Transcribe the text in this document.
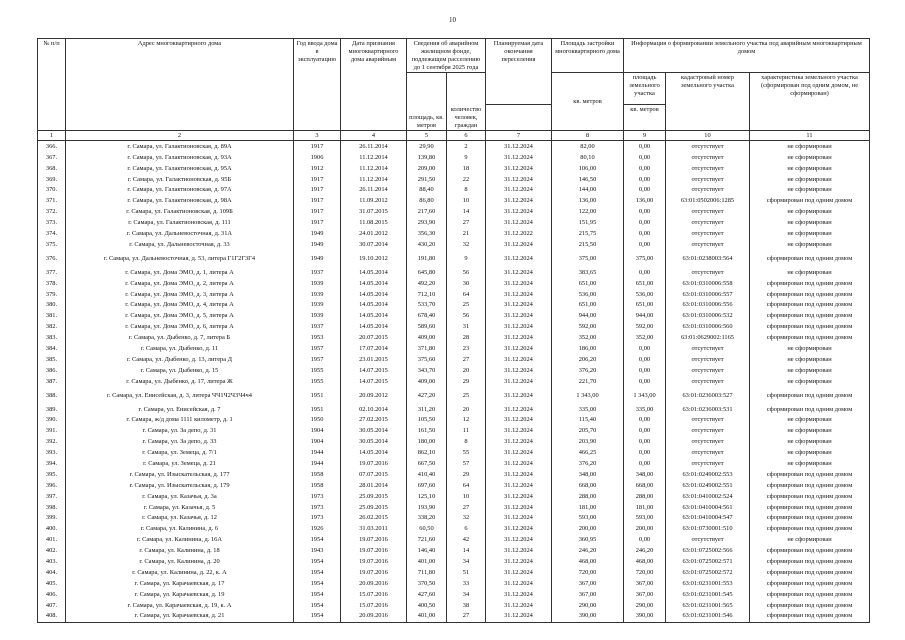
10
№ п/п	Адрес многоквартирного дома	Год ввода дома в эксплуатацию	Дата признания многоквартирного дома аварийным	Сведения об аварийном жилищном фонде, подлежащем расселению до 1 сентября 2025 года		Планируемая дата окончания переселения	Площадь застройки многоквартирного дома	Информация о формировании земельного участка под аварийным многоквартирным домом		
				площадь, кв. метров	количество человек, граждан		кв. метров	площадь земельного участка	кадастровый номер земельного участка	характеристика земельного участка (сформирован под одним домом, не сформирован)
								кв. метров		
1	2	3	4	5	6	7	8	9	10	11
366.	г. Самара, ул. Галактионовская, д. 89А	1917	26.11.2014	29,90	2	31.12.2024	82,00	0,00	отсутствует	не сформирован
367.	г. Самара, ул. Галактионовская, д. 93А	1906	11.12.2014	139,80	9	31.12.2024	80,10	0,00	отсутствует	не сформирован
368.	г. Самара, ул. Галактионовская, д. 95А	1912	11.12.2014	209,00	18	31.12.2024	106,00	0,00	отсутствует	не сформирован
369.	г. Самара, ул. Галактионовская, д. 95Б	1917	11.12.2014	291,50	22	31.12.2024	146,50	0,00	отсутствует	не сформирован
370.	г. Самара, ул. Галактионовская, д. 97А	1917	26.11.2014	88,40	8	31.12.2024	144,00	0,00	отсутствует	не сформирован
371.	г. Самара, ул. Галактионовская, д. 98А	1917	11.09.2012	86,80	10	31.12.2024	136,00	136,00	63:01:0502006:1285	сформирован под одним домом
372.	г. Самара, ул. Галактионовская, д. 109Б	1917	31.07.2015	217,60	14	31.12.2024	122,00	0,00	отсутствует	не сформирован
373.	г. Самара, ул. Галактионовская, д. 111	1917	11.08.2015	293,90	27	31.12.2024	151,95	0,00	отсутствует	не сформирован
374.	г. Самара, ул. Дальневосточная, д. 31А	1949	24.01.2012	356,30	21	31.12.2022	215,75	0,00	отсутствует	не сформирован
375.	г. Самара, ул. Дальневосточная, д. 33	1949	30.07.2014	430,20	32	31.12.2024	215,50	0,00	отсутствует	не сформирован
376.	г. Самара, ул. Дальневосточная, д. 53, литера Г1Г2Г3Г4	1949	19.10.2012	191,80	9	31.12.2024	375,00	375,00	63:01:0238003:564	сформирован под одним домом
377.	г. Самара, ул. Дома ЭМО, д. 1, литера А	1937	14.05.2014	645,80	56	31.12.2024	383,65	0,00	отсутствует	не сформирован
378.	г. Самара, ул. Дома ЭМО, д. 2, литера А	1939	14.05.2014	492,20	30	31.12.2024	651,00	651,00	63:01:0310006:558	сформирован под одним домом
379.	г. Самара, ул. Дома ЭМО, д. 3, литера А	1939	14.05.2014	712,10	64	31.12.2024	536,00	536,00	63:01:0310006:557	сформирован под одним домом
380.	г. Самара, ул. Дома ЭМО, д. 4, литера А	1939	14.05.2014	533,70	25	31.12.2024	651,00	651,00	63:01:0310006:556	сформирован под одним домом
381.	г. Самара, ул. Дома ЭМО, д. 5, литера А	1939	14.05.2014	678,40	56	31.12.2024	944,00	944,00	63:01:0310006:532	сформирован под одним домом
382.	г. Самара, ул. Дома ЭМО, д. 6, литера А	1937	14.05.2014	589,60	31	31.12.2024	592,00	592,00	63:01:0310006:560	сформирован под одним домом
383.	г. Самара, ул. Дыбенко, д. 7, литера Б	1953	20.07.2015	409,00	28	31.12.2024	352,00	352,00	63:01:0629002:1165	сформирован под одним домом
384.	г. Самара, ул. Дыбенко, д. 11	1957	17.07.2014	371,80	23	31.12.2024	186,00	0,00	отсутствует	не сформирован
385.	г. Самара, ул. Дыбенко, д. 13, литера Д	1957	23.01.2015	375,60	27	31.12.2024	206,20	0,00	отсутствует	не сформирован
386.	г. Самара, ул. Дыбенко, д. 15	1955	14.07.2015	343,70	20	31.12.2024	376,20	0,00	отсутствует	не сформирован
387.	г. Самара, ул. Дыбенко, д. 17, литера Ж	1955	14.07.2015	409,00	29	31.12.2024	221,70	0,00	отсутствует	не сформирован
388.	г. Самара, ул. Енисейская, д. 3, литера ЧЧ1Ч2Ч3Ч4ч4	1951	20.09.2012	427,20	25	31.12.2024	1 343,00	1 343,00	63:01:0236003:527	сформирован под одним домом
389.	г. Самара, ул. Енисейская, д. 7	1951	02.10.2014	311,20	20	31.12.2024	335,00	335,00	63:01:0236003:531	сформирован под одним домом
390.	г. Самара, ж/д дома 1111 километр, д. 1	1950	27.02.2015	105,50	12	31.12.2024	115,40	0,00	отсутствует	не сформирован
391.	г. Самара, ул. За депо, д. 31	1904	30.05.2014	161,50	11	31.12.2024	205,70	0,00	отсутствует	не сформирован
392.	г. Самара, ул. За депо, д. 33	1904	30.05.2014	180,00	8	31.12.2024	203,90	0,00	отсутствует	не сформирован
393.	г. Самара, ул. Земеца, д. 7/1	1944	14.05.2014	862,10	55	31.12.2024	466,25	0,00	отсутствует	не сформирован
394.	г. Самара, ул. Земеца, д. 21	1944	19.07.2016	667,50	57	31.12.2024	376,20	0,00	отсутствует	не сформирован
395.	г. Самара, ул. Изыскательская, д. 177	1958	07.07.2015	410,40	29	31.12.2024	348,00	348,00	63:01:0249002:553	сформирован под одним домом
396.	г. Самара, ул. Изыскательская, д. 179	1958	28.01.2014	697,60	64	31.12.2024	668,00	668,00	63:01:0249002:551	сформирован под одним домом
397.	г. Самара, ул. Казачья, д. 3а	1973	25.09.2015	125,10	10	31.12.2024	288,00	288,00	63:01:0410002:524	сформирован под одним домом
398.	г. Самара, ул. Казачья, д. 5	1973	25.09.2015	193,90	27	31.12.2024	181,00	181,00	63:01:0410004:561	сформирован под одним домом
399.	г. Самара, ул. Казачья, д. 12	1973	26.02.2015	338,20	32	31.12.2024	593,00	593,00	63:01:0410004:547	сформирован под одним домом
400.	г. Самара, ул. Калинина, д. 6	1926	31.03.2011	60,50	6	31.12.2024	200,00	200,00	63:01:0730001:510	сформирован под одним домом
401.	г. Самара, ул. Калинина, д. 16А	1954	19.07.2016	721,60	42	31.12.2024	360,95	0,00	отсутствует	не сформирован
402.	г. Самара, ул. Калинина, д. 18	1943	19.07.2016	146,40	14	31.12.2024	246,20	246,20	63:01:0725002:566	сформирован под одним домом
403.	г. Самара, ул. Калинина, д. 20	1954	19.07.2016	401,00	34	31.12.2024	468,00	468,00	63:01:0725002:571	сформирован под одним домом
404.	г. Самара, ул. Калинина, д. 22, к. А	1954	19.07.2016	711,80	51	31.12.2024	720,00	720,00	63:01:0725002:572	сформирован под одним домом
405.	г. Самара, ул. Карачаевская, д. 17	1954	20.09.2016	370,50	33	31.12.2024	367,00	367,00	63:01:0231001:553	сформирован под одним домом
406.	г. Самара, ул. Карачаевская, д. 19	1954	15.07.2016	427,60	34	31.12.2024	367,00	367,00	63:01:0231001:545	сформирован под одним домом
407.	г. Самара, ул. Карачаевская, д. 19, к. А	1954	15.07.2016	400,50	38	31.12.2024	290,00	290,00	63:01:0231001:565	сформирован под одним домом
408.	г. Самара, ул. Карачаевская, д. 21	1954	20.09.2016	401,00	27	31.12.2024	390,00	390,00	63:01:0231001:546	сформирован под одним домом
